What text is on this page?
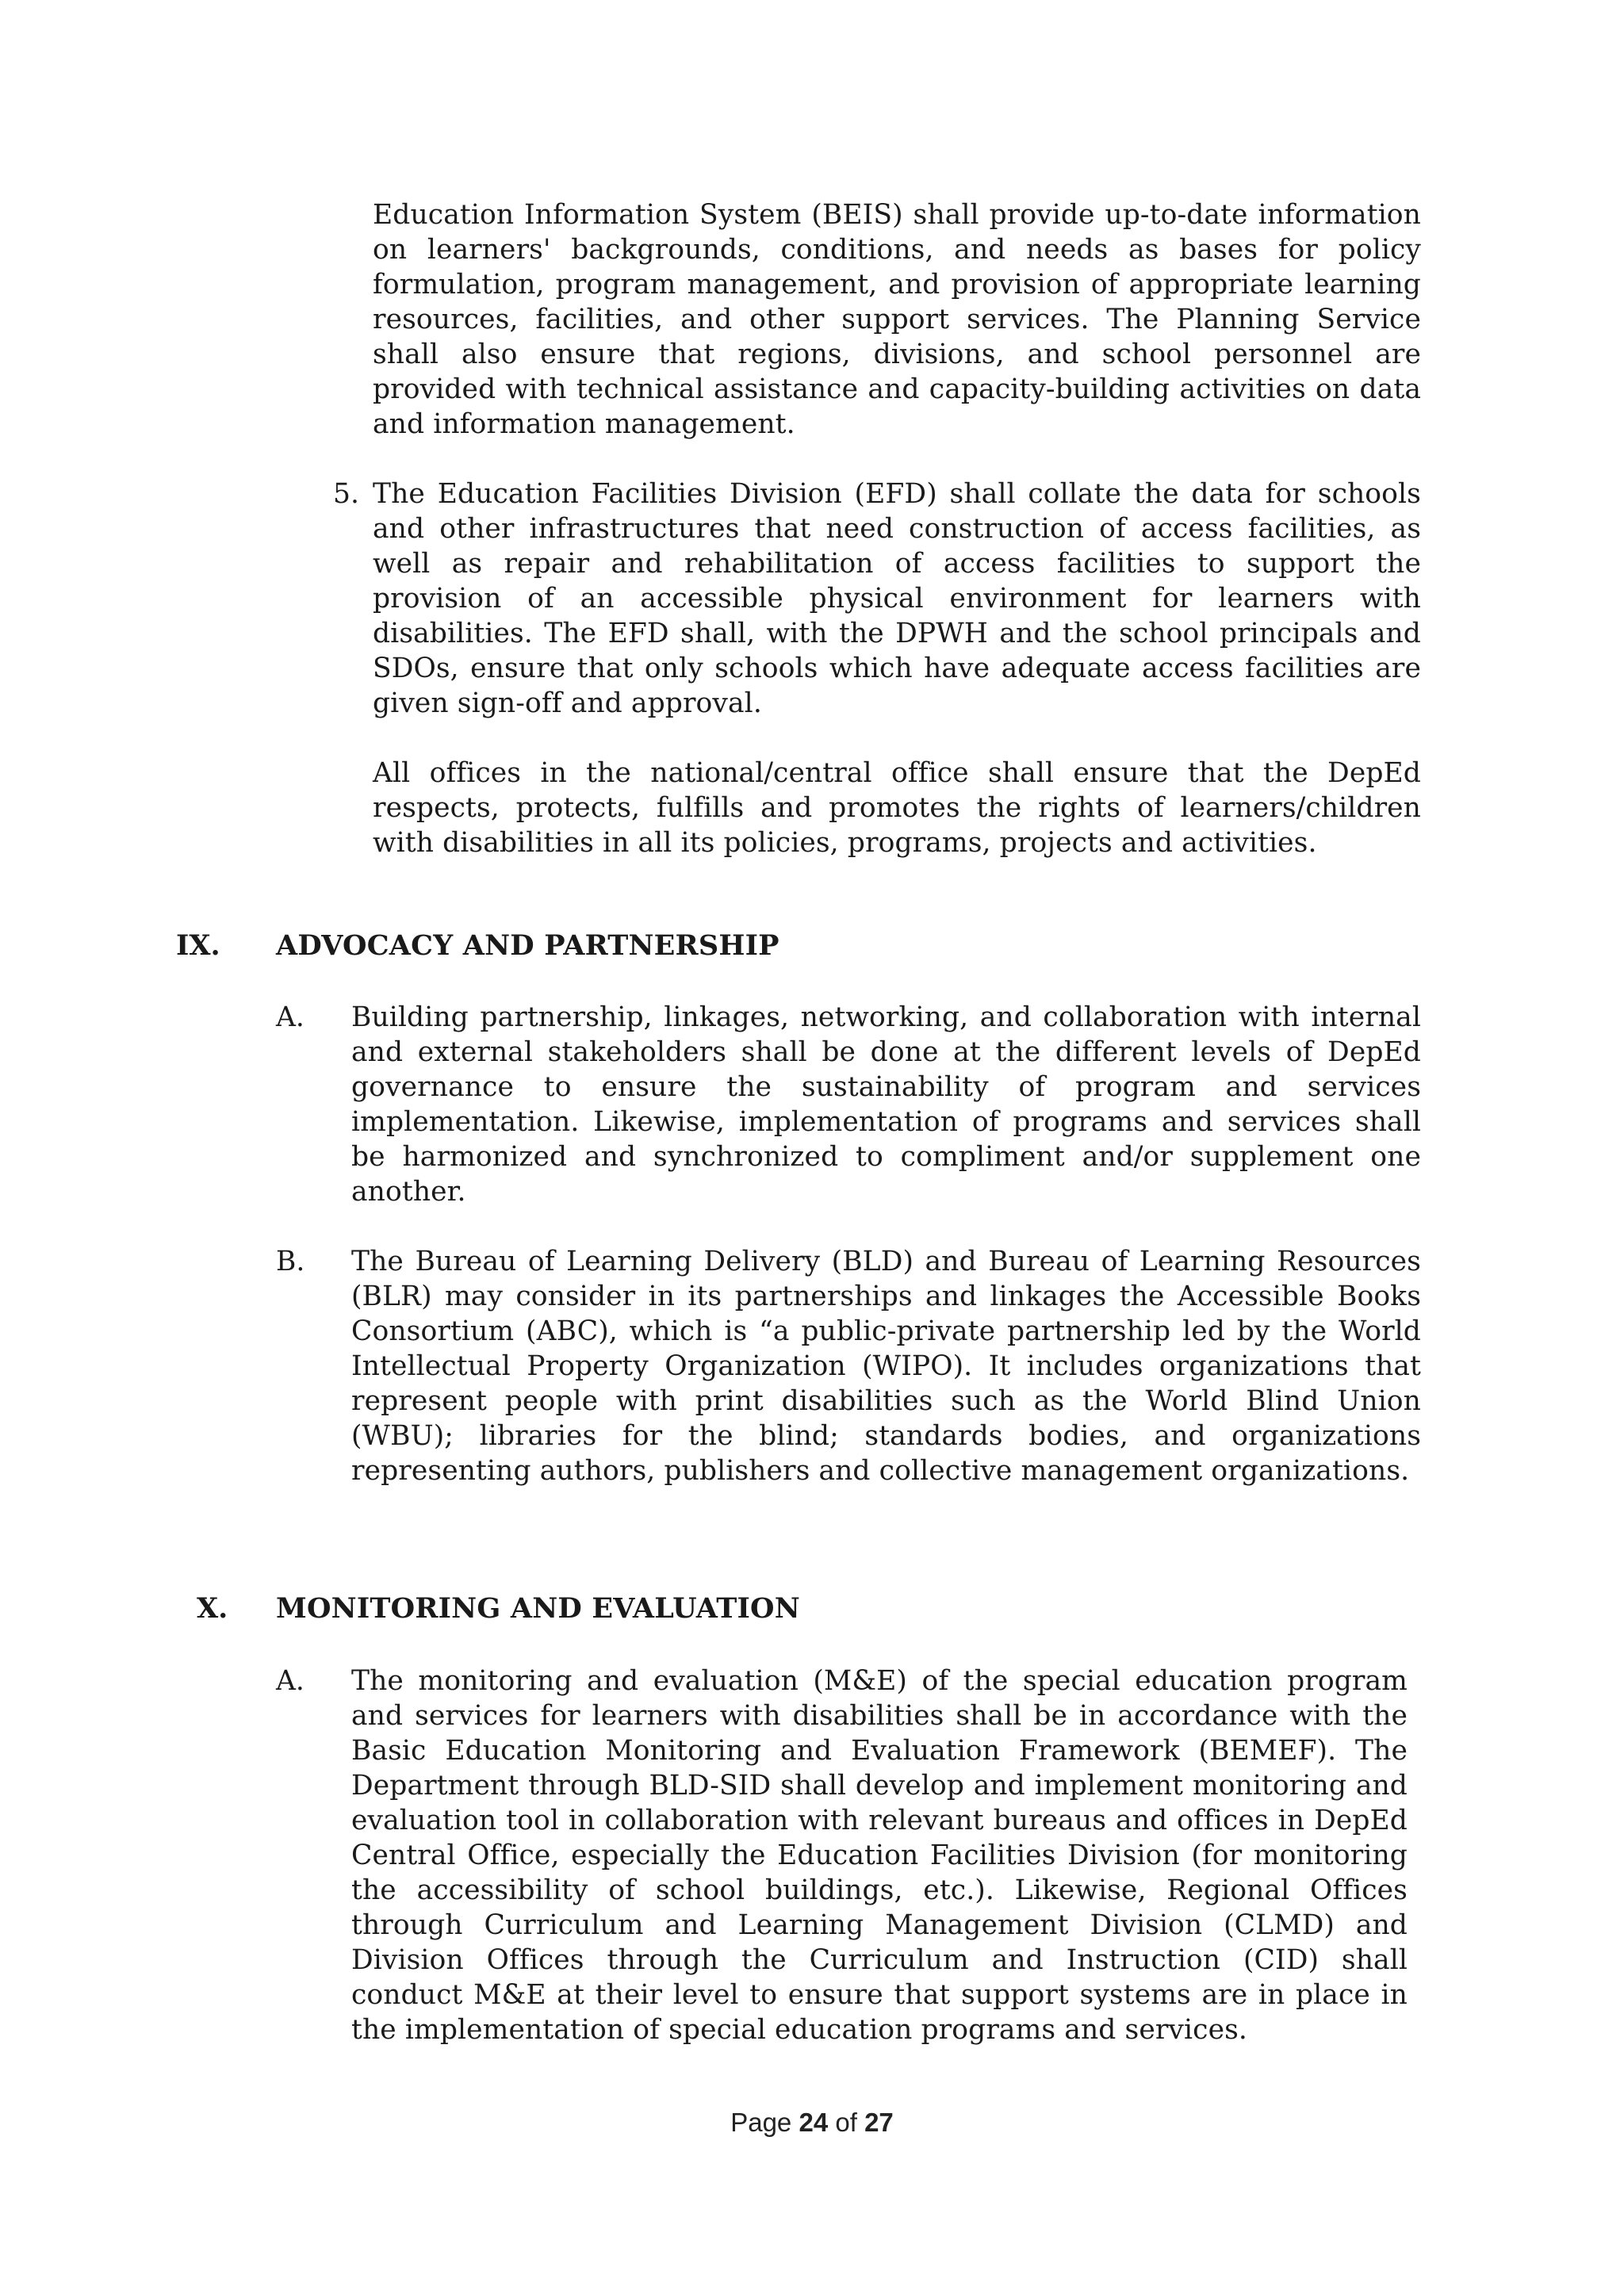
Education Information System (BEIS) shall provide up-to-date information on learners' backgrounds, conditions, and needs as bases for policy formulation, program management, and provision of appropriate learning resources, facilities, and other support services. The Planning Service shall also ensure that regions, divisions, and school personnel are provided with technical assistance and capacity-building activities on data and information management.

5. The Education Facilities Division (EFD) shall collate the data for schools and other infrastructures that need construction of access facilities, as well as repair and rehabilitation of access facilities to support the provision of an accessible physical environment for learners with disabilities. The EFD shall, with the DPWH and the school principals and SDOs, ensure that only schools which have adequate access facilities are given sign-off and approval.

All offices in the national/central office shall ensure that the DepEd respects, protects, fulfills and promotes the rights of learners/children with disabilities in all its policies, programs, projects and activities.

IX. ADVOCACY AND PARTNERSHIP

A. Building partnership, linkages, networking, and collaboration with internal and external stakeholders shall be done at the different levels of DepEd governance to ensure the sustainability of program and services implementation. Likewise, implementation of programs and services shall be harmonized and synchronized to compliment and/or supplement one another.

B. The Bureau of Learning Delivery (BLD) and Bureau of Learning Resources (BLR) may consider in its partnerships and linkages the Accessible Books Consortium (ABC), which is “a public-private partnership led by the World Intellectual Property Organization (WIPO). It includes organizations that represent people with print disabilities such as the World Blind Union (WBU); libraries for the blind; standards bodies, and organizations representing authors, publishers and collective management organizations.

X. MONITORING AND EVALUATION

A. The monitoring and evaluation (M&E) of the special education program and services for learners with disabilities shall be in accordance with the Basic Education Monitoring and Evaluation Framework (BEMEF). The Department through BLD-SID shall develop and implement monitoring and evaluation tool in collaboration with relevant bureaus and offices in DepEd Central Office, especially the Education Facilities Division (for monitoring the accessibility of school buildings, etc.). Likewise, Regional Offices through Curriculum and Learning Management Division (CLMD) and Division Offices through the Curriculum and Instruction (CID) shall conduct M&E at their level to ensure that support systems are in place in the implementation of special education programs and services.

Page 24 of 27
